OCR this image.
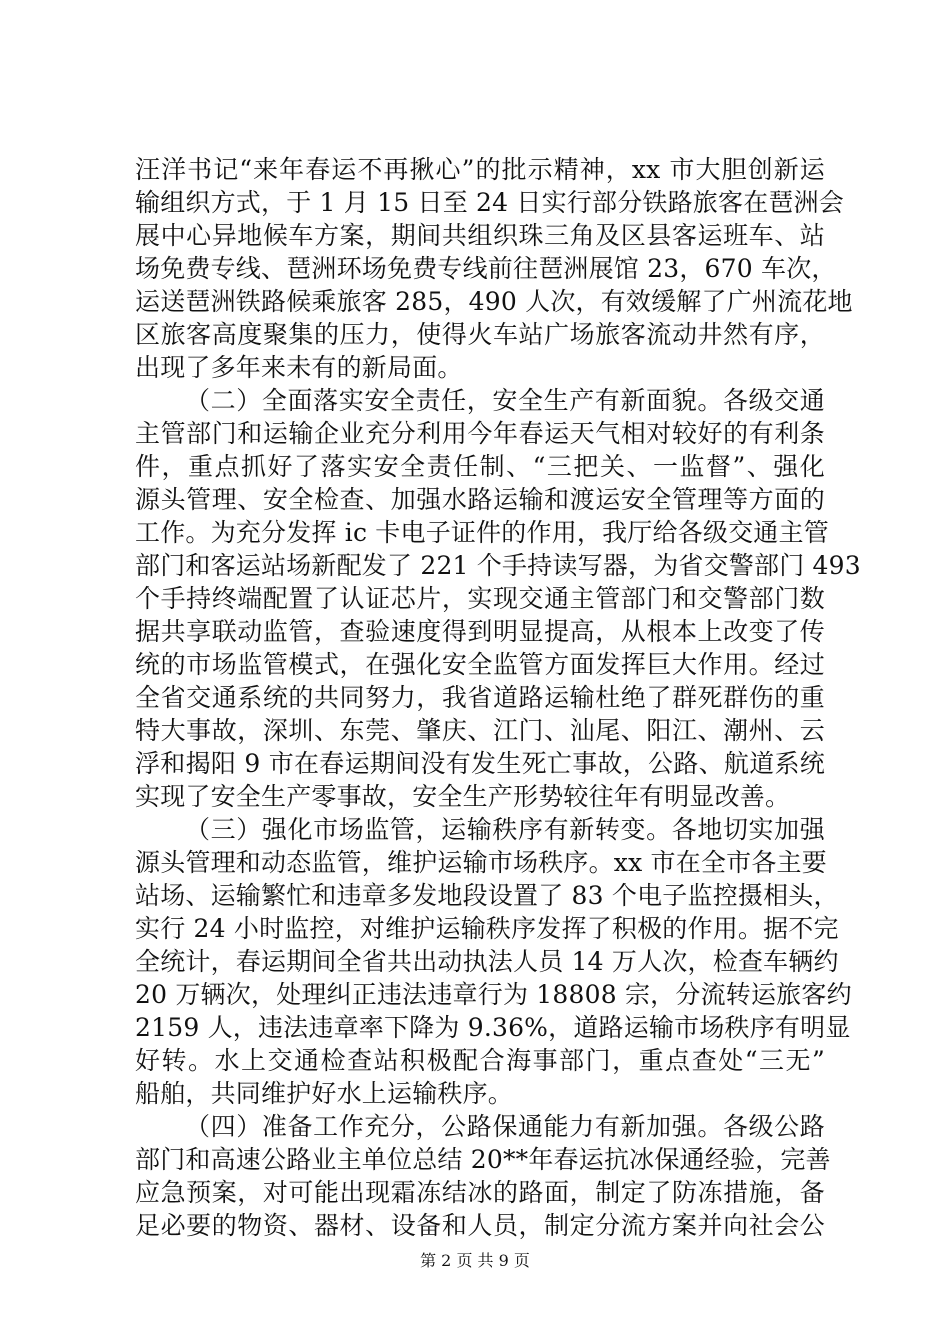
汪洋书记“来年春运不再揪心”的批示精神，xx 市大胆创新运
输组织方式，于 1 月 15 日至 24 日实行部分铁路旅客在琶洲会
展中心异地候车方案，期间共组织珠三角及区县客运班车、站
场免费专线、琶洲环场免费专线前往琶洲展馆 23，670 车次，
运送琶洲铁路候乘旅客 285，490 人次，有效缓解了广州流花地
区旅客高度聚集的压力，使得火车站广场旅客流动井然有序，
出现了多年来未有的新局面。
（二）全面落实安全责任，安全生产有新面貌。各级交通
主管部门和运输企业充分利用今年春运天气相对较好的有利条
件，重点抓好了落实安全责任制、“三把关、一监督”、强化
源头管理、安全检查、加强水路运输和渡运安全管理等方面的
工作。为充分发挥 ic 卡电子证件的作用，我厅给各级交通主管
部门和客运站场新配发了 221 个手持读写器，为省交警部门 493
个手持终端配置了认证芯片，实现交通主管部门和交警部门数
据共享联动监管，查验速度得到明显提高，从根本上改变了传
统的市场监管模式，在强化安全监管方面发挥巨大作用。经过
全省交通系统的共同努力，我省道路运输杜绝了群死群伤的重
特大事故，深圳、东莞、肇庆、江门、汕尾、阳江、潮州、云
浮和揭阳 9 市在春运期间没有发生死亡事故，公路、航道系统
实现了安全生产零事故，安全生产形势较往年有明显改善。
（三）强化市场监管，运输秩序有新转变。各地切实加强
源头管理和动态监管，维护运输市场秩序。xx 市在全市各主要
站场、运输繁忙和违章多发地段设置了 83 个电子监控摄相头，
实行 24 小时监控，对维护运输秩序发挥了积极的作用。据不完
全统计，春运期间全省共出动执法人员 14 万人次，检查车辆约
20 万辆次，处理纠正违法违章行为 18808 宗，分流转运旅客约
2159 人，违法违章率下降为 9.36%，道路运输市场秩序有明显
好转。水上交通检查站积极配合海事部门，重点查处“三无”
船舶，共同维护好水上运输秩序。
（四）准备工作充分，公路保通能力有新加强。各级公路
部门和高速公路业主单位总结 20**年春运抗冰保通经验，完善
应急预案，对可能出现霜冻结冰的路面，制定了防冻措施，备
足必要的物资、器材、设备和人员，制定分流方案并向社会公
第 2 页 共 9 页
